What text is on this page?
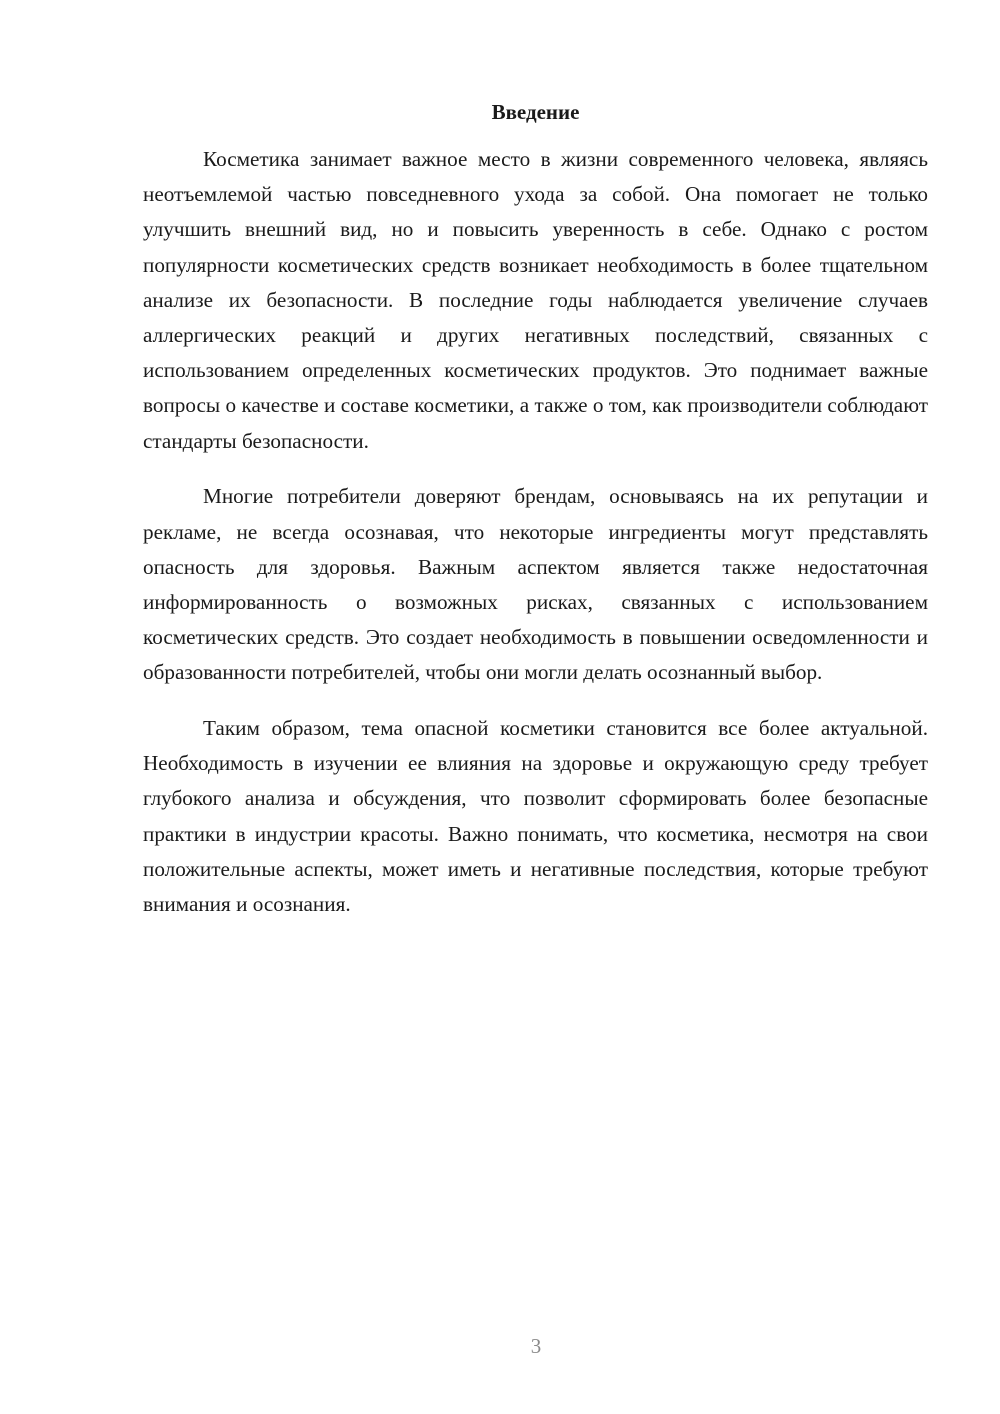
Введение

Косметика занимает важное место в жизни современного человека, являясь неотъемлемой частью повседневного ухода за собой. Она помогает не только улучшить внешний вид, но и повысить уверенность в себе. Однако с ростом популярности косметических средств возникает необходимость в более тщательном анализе их безопасности. В последние годы наблюдается увеличение случаев аллергических реакций и других негативных последствий, связанных с использованием определенных косметических продуктов. Это поднимает важные вопросы о качестве и составе косметики, а также о том, как производители соблюдают стандарты безопасности.

Многие потребители доверяют брендам, основываясь на их репутации и рекламе, не всегда осознавая, что некоторые ингредиенты могут представлять опасность для здоровья. Важным аспектом является также недостаточная информированность о возможных рисках, связанных с использованием косметических средств. Это создает необходимость в повышении осведомленности и образованности потребителей, чтобы они могли делать осознанный выбор.

Таким образом, тема опасной косметики становится все более актуальной. Необходимость в изучении ее влияния на здоровье и окружающую среду требует глубокого анализа и обсуждения, что позволит сформировать более безопасные практики в индустрии красоты. Важно понимать, что косметика, несмотря на свои положительные аспекты, может иметь и негативные последствия, которые требуют внимания и осознания.

3
